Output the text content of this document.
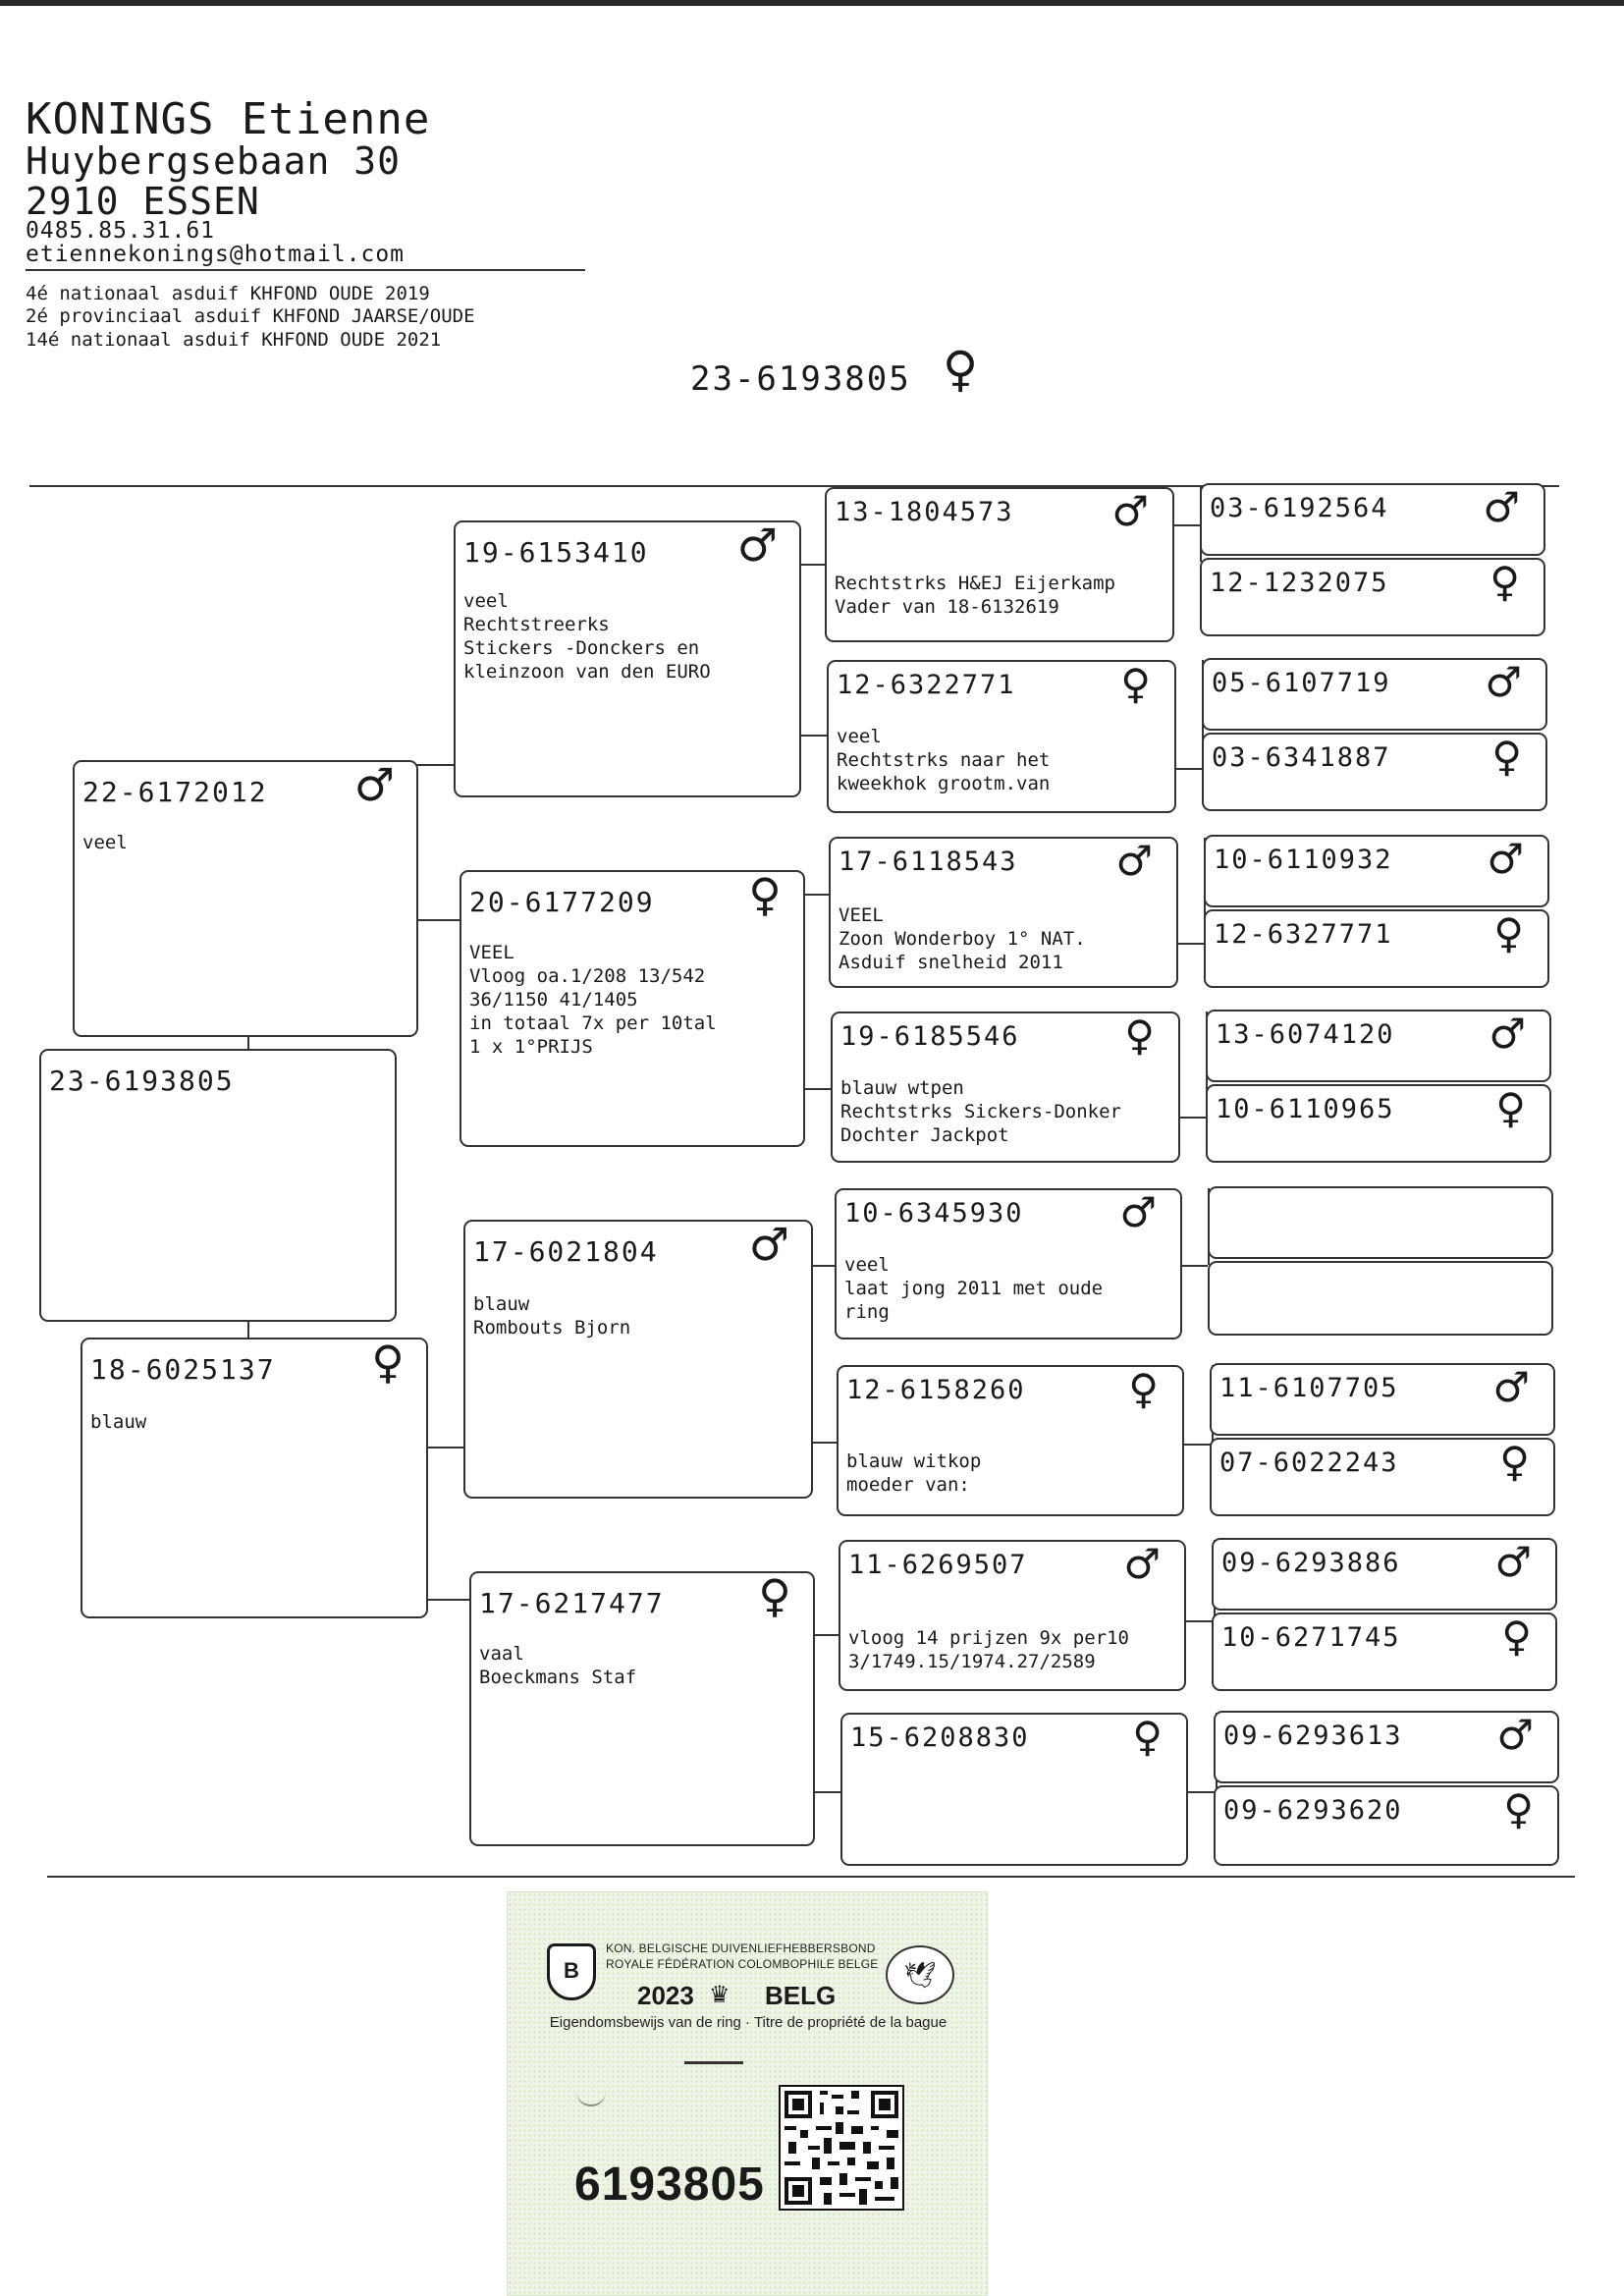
KONINGS Etienne
Huybergsebaan 30
2910 ESSEN
0485.85.31.61
etiennekonings@hotmail.com
4é nationaal asduif KHFOND OUDE 2019
2é provinciaal asduif KHFOND JAARSE/OUDE
14é nationaal asduif KHFOND OUDE 2021
23-6193805 ♀
23-6193805
22-6172012 ♂
veel
18-6025137 ♀
blauw
19-6153410 ♂
veel
Rechtstreerks
Stickers -Donckers en
kleinzoon van den EURO
20-6177209 ♀
VEEL
Vloog oa.1/208 13/542
36/1150 41/1405
in totaal 7x per 10tal
1 x 1°PRIJS
17-6021804 ♂
blauw
Rombouts Bjorn
17-6217477 ♀
vaal
Boeckmans Staf
13-1804573 ♂
Rechtstrks H&EJ Eijerkamp
Vader van 18-6132619
12-6322771	♀
veel
Rechtstrks naar het
kweekhok grootm.van
17-6118543 ♂
VEEL
Zoon Wonderboy 1° NAT.
Asduif snelheid 2011
19-6185546	♀
blauw wtpen
Rechtstrks Sickers-Donker
Dochter Jackpot
10-6345930 ♂
veel
laat jong 2011 met oude
ring
12-6158260 ♀
blauw witkop
moeder van:
11-6269507 ♂
vloog 14 prijzen 9x per10
3/1749.15/1974.27/2589
15-6208830 ♀
03-6192564 ♂
12-1232075 ♀
05-6107719 ♂
03-6341887 ♀
10-6110932 ♂
12-6327771 ♀
13-6074120 ♂
10-6110965 ♀
11-6107705 ♂
07-6022243 ♀
09-6293886 ♂
10-6271745 ♀
09-6293613 ♂
09-6293620 ♀
B
KON. BELGISCHE DUIVENLIEFHEBBERSBOND
ROYALE FÉDÉRATION COLOMBOPHILE BELGE
2023 ♛ BELG
🕊
Eigendomsbewijs van de ring · Titre de propriété de la bague
6193805
